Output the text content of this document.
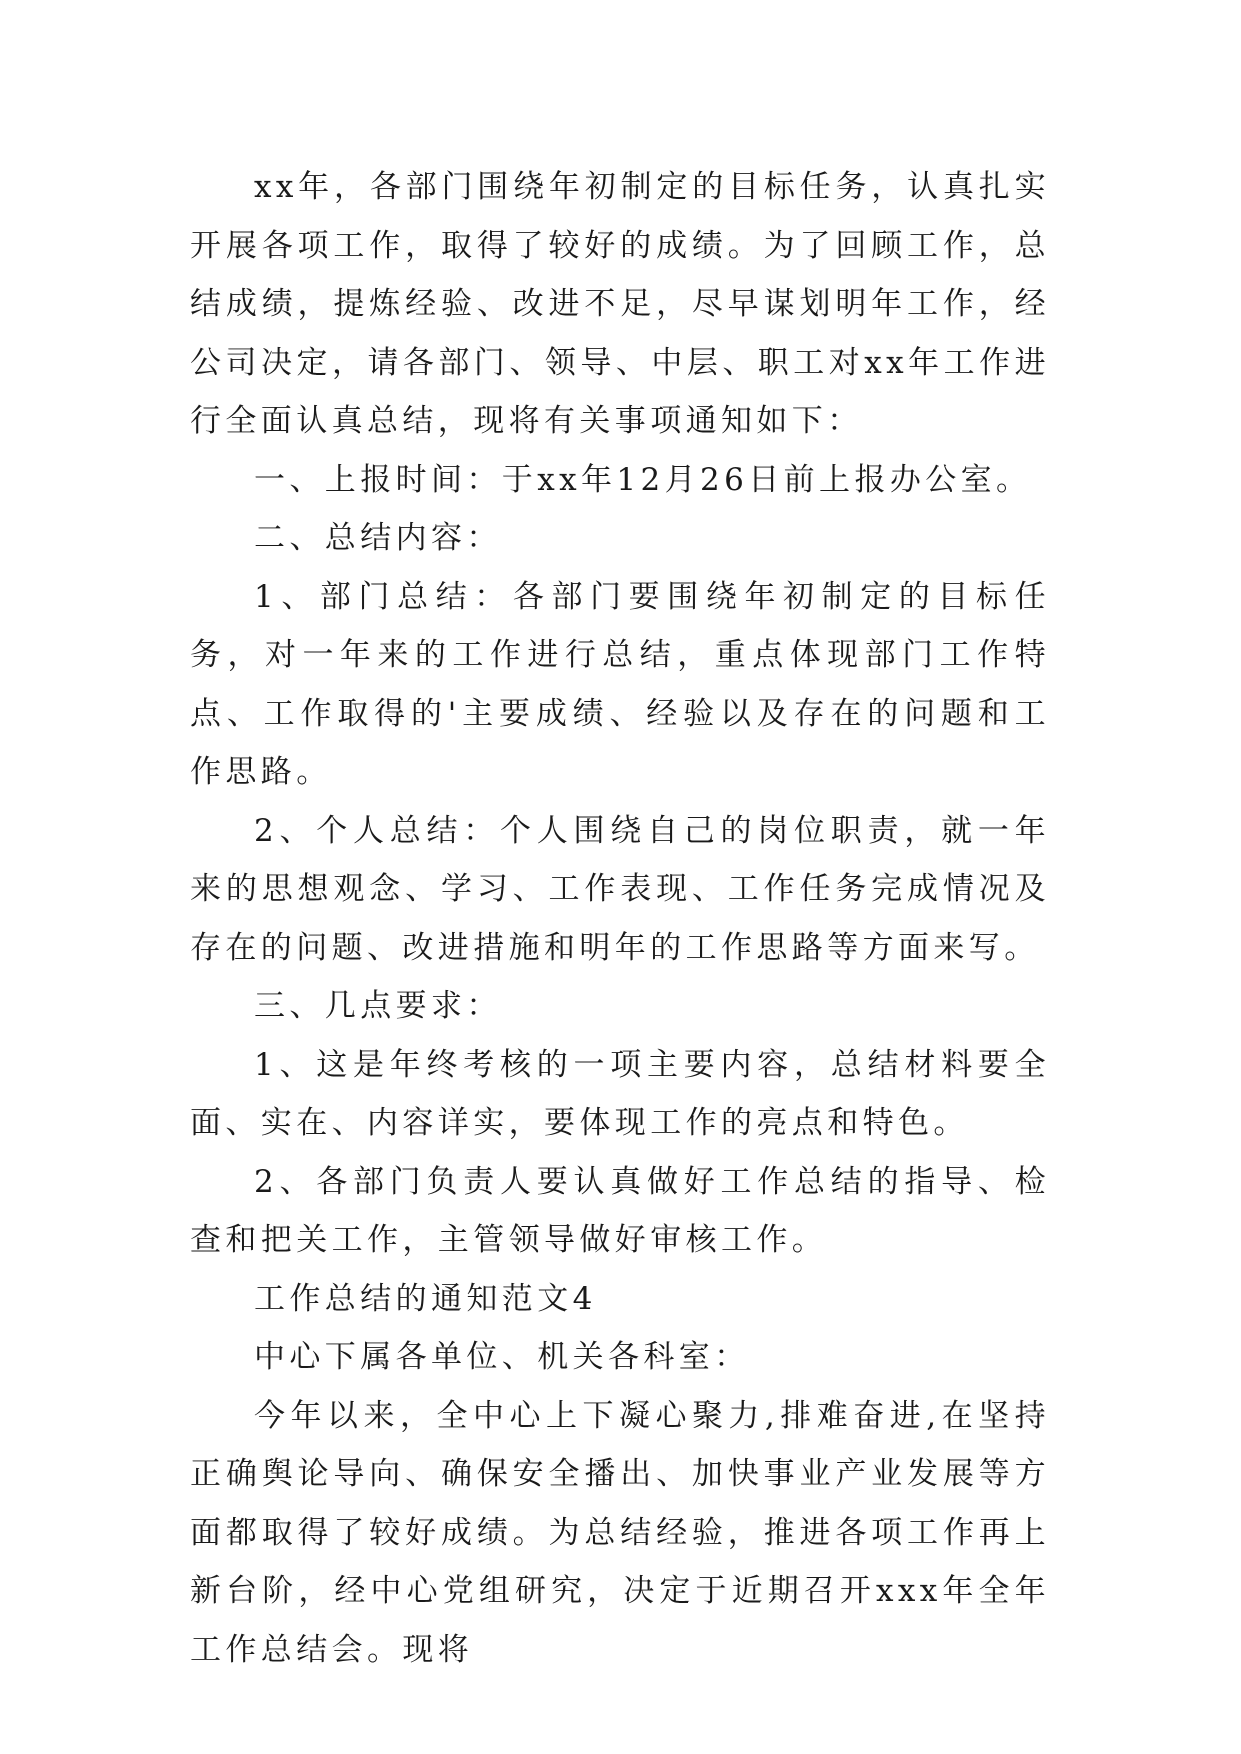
xx年，各部门围绕年初制定的目标任务，认真扎实开展各项工作，取得了较好的成绩。为了回顾工作，总结成绩，提炼经验、改进不足，尽早谋划明年工作，经公司决定，请各部门、领导、中层、职工对xx年工作进行全面认真总结，现将有关事项通知如下：

一、上报时间：于xx年12月26日前上报办公室。

二、总结内容：

1、部门总结：各部门要围绕年初制定的目标任务，对一年来的工作进行总结，重点体现部门工作特点、工作取得的'主要成绩、经验以及存在的问题和工作思路。

2、个人总结：个人围绕自己的岗位职责，就一年来的思想观念、学习、工作表现、工作任务完成情况及存在的问题、改进措施和明年的工作思路等方面来写。

三、几点要求：

1、这是年终考核的一项主要内容，总结材料要全面、实在、内容详实，要体现工作的亮点和特色。

2、各部门负责人要认真做好工作总结的指导、检查和把关工作，主管领导做好审核工作。

工作总结的通知范文4

中心下属各单位、机关各科室：

今年以来，全中心上下凝心聚力,排难奋进,在坚持正确舆论导向、确保安全播出、加快事业产业发展等方面都取得了较好成绩。为总结经验，推进各项工作再上新台阶，经中心党组研究，决定于近期召开xxx年全年工作总结会。现将
